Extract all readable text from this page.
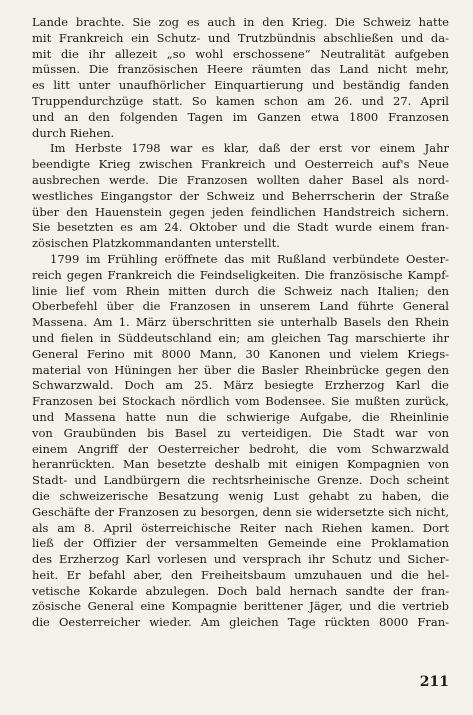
Lande brachte. Sie zog es auch in den Krieg. Die Schweiz hatte
mit Frankreich ein Schutz- und Trutzbündnis abschließen und da-
mit die ihr allezeit „so wohl erschossene“ Neutralität aufgeben
müssen. Die französischen Heere räumten das Land nicht mehr,
es litt unter unaufhörlicher Einquartierung und beständig fanden
Truppendurchzüge statt. So kamen schon am 26. und 27. April
und an den folgenden Tagen im Ganzen etwa 1800 Franzosen
durch Riehen.
Im Herbste 1798 war es klar, daß der erst vor einem Jahr
beendigte Krieg zwischen Frankreich und Oesterreich auf's Neue
ausbrechen werde. Die Franzosen wollten daher Basel als nord-
westliches Eingangstor der Schweiz und Beherrscherin der Straße
über den Hauenstein gegen jeden feindlichen Handstreich sichern.
Sie besetzten es am 24. Oktober und die Stadt wurde einem fran-
zösischen Platzkommandanten unterstellt.
1799 im Frühling eröffnete das mit Rußland verbündete Oester-
reich gegen Frankreich die Feindseligkeiten. Die französische Kampf-
linie lief vom Rhein mitten durch die Schweiz nach Italien; den
Oberbefehl über die Franzosen in unserem Land führte General
Massena. Am 1. März überschritten sie unterhalb Basels den Rhein
und fielen in Süddeutschland ein; am gleichen Tag marschierte ihr
General Ferino mit 8000 Mann, 30 Kanonen und vielem Kriegs-
material von Hüningen her über die Basler Rheinbrücke gegen den
Schwarzwald. Doch am 25. März besiegte Erzherzog Karl die
Franzosen bei Stockach nördlich vom Bodensee. Sie mußten zurück,
und Massena hatte nun die schwierige Aufgabe, die Rheinlinie
von Graubünden bis Basel zu verteidigen. Die Stadt war von
einem Angriff der Oesterreicher bedroht, die vom Schwarzwald
heranrückten. Man besetzte deshalb mit einigen Kompagnien von
Stadt- und Landbürgern die rechtsrheinische Grenze. Doch scheint
die schweizerische Besatzung wenig Lust gehabt zu haben, die
Geschäfte der Franzosen zu besorgen, denn sie widersetzte sich nicht,
als am 8. April österreichische Reiter nach Riehen kamen. Dort
ließ der Offizier der versammelten Gemeinde eine Proklamation
des Erzherzog Karl vorlesen und versprach ihr Schutz und Sicher-
heit. Er befahl aber, den Freiheitsbaum umzuhauen und die hel-
vetische Kokarde abzulegen. Doch bald hernach sandte der fran-
zösische General eine Kompagnie berittener Jäger, und die vertrieb
die Oesterreicher wieder. Am gleichen Tage rückten 8000 Fran-
211
